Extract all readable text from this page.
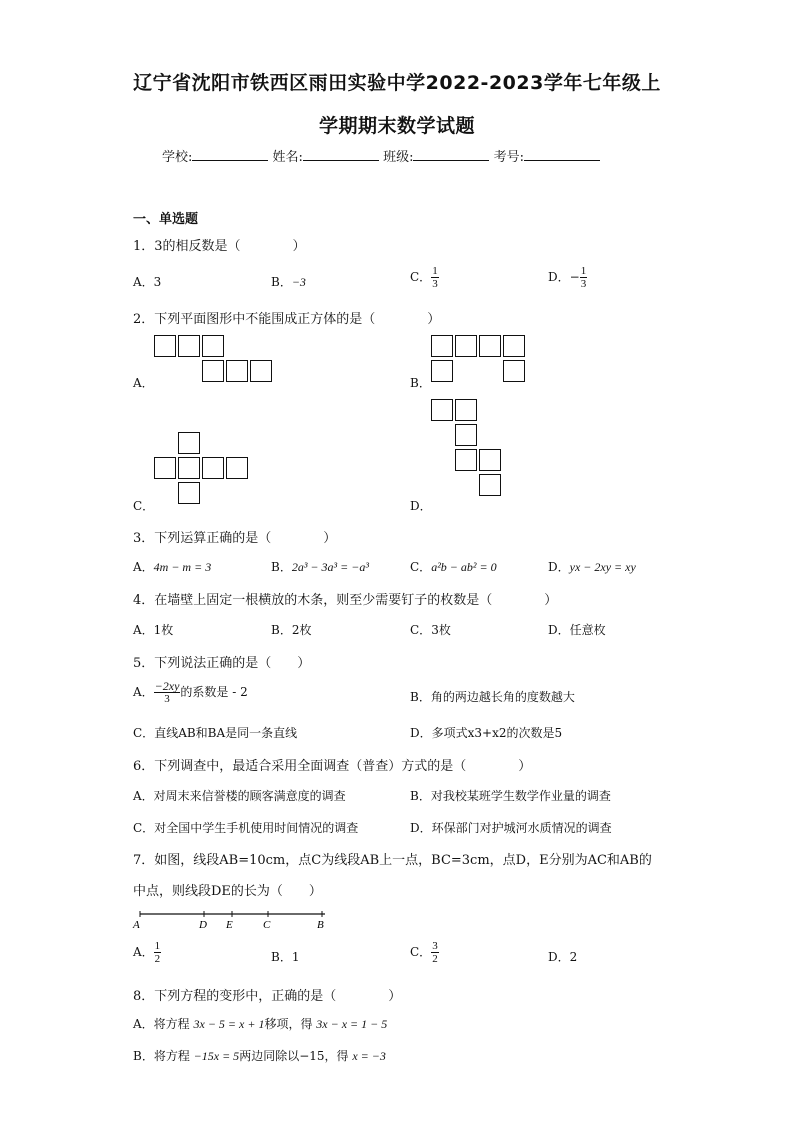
辽宁省沈阳市铁西区雨田实验中学2022-2023学年七年级上
学期期末数学试题
学校:	姓名:	班级:	考号:
一、单选题
1．3的相反数是（　　　　）
A．3	B．−3	C． $\frac{1}{3}$	D．− $\frac{1}{3}$
2．下列平面图形中不能围成正方体的是（　　　　）
A．	B．
C．	D．
3．下列运算正确的是（　　　　）
A．4m − m = 3	B．2a³ − 3a³ = −a³	C．a²b − ab² = 0	D．yx − 2xy = xy
4．在墙壁上固定一根横放的木条，则至少需要钉子的枚数是（　　　　）
A．1枚	B．2枚	C．3枚	D．任意枚
5．下列说法正确的是（　　）
A． $\frac{-2xy}{3}$ 的系数是 - 2	B．角的两边越长角的度数越大
C．直线AB和BA是同一条直线	D．多项式x3+x2的次数是5
6．下列调查中，最适合采用全面调查（普查）方式的是（　　　　）
A．对周末来信誉楼的顾客满意度的调查	B．对我校某班学生数学作业量的调查
C．对全国中学生手机使用时间情况的调查	D．环保部门对护城河水质情况的调查
7．如图，线段AB=10cm，点C为线段AB上一点，BC=3cm，点D，E分别为AC和AB的
中点，则线段DE的长为（　　）
A	D E	C	B
A． $\frac{1}{2}$	B．1	C． $\frac{3}{2}$	D．2
8．下列方程的变形中，正确的是（　　　　）
A．将方程 3x − 5 = x + 1移项，得 3x − x = 1 − 5
B．将方程 −15x = 5两边同除以−15，得 x = −3
